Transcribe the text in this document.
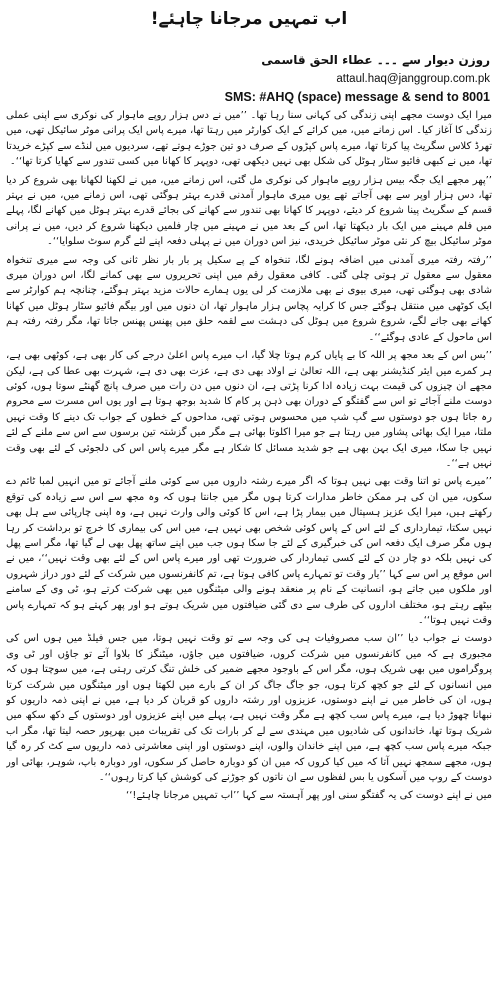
اب تمہیں مرجانا چاہئے!
روزن دیوار سے ۔۔۔ عطاء الحق قاسمی
attaul.haq@janggroup.com.pk
SMS: #AHQ (space) message & send to 8001

میرا ایک دوست مجھے اپنی زندگی کی کہانی سنا رہا تھا۔ ’’میں نے دس ہزار روپے ماہوار کی نوکری سے اپنی عملی زندگی کا آغاز کیا۔ اس زمانے میں، میں کرائے کے ایک کوارٹر میں رہتا تھا، میرے پاس ایک پرانی موٹر سائیکل تھی، میں تھرڈ کلاس سگریٹ پیا کرتا تھا، میرے پاس کپڑوں کے صرف دو تین جوڑے ہوتے تھے، سردیوں میں لنڈے سے کپڑے خریدتا تھا، میں نے کبھی فائیو سٹار ہوٹل کی شکل بھی نہیں دیکھی تھی، دوپہر کا کھانا میں کسی تندور سے کھایا کرتا تھا‘‘۔

’’پھر مجھے ایک جگہ بیس ہزار روپے ماہوار کی نوکری مل گئی، اس زمانے میں، میں نے لکھنا لکھانا بھی شروع کر دیا تھا، دس ہزار اوپر سے بھی آجاتے تھے یوں میری ماہوار آمدنی قدرے بہتر ہوگئی تھی، اس زمانے میں، میں نے بہتر قسم کے سگریٹ پینا شروع کر دیئے، دوپہر کا کھانا بھی تندور سے کھانے کی بجائے قدرے بہتر ہوٹل میں کھانے لگا، پہلے میں فلم مہینے میں ایک بار دیکھتا تھا، اس کے بعد میں نے مہینے میں چار فلمیں دیکھنا شروع کر دیں، میں نے پرانی موٹر سائیکل بیچ کر نئی موٹر سائیکل خریدی، نیز اس دوران میں نے پہلی دفعہ اپنے لئے گرم سوٹ سلوایا‘‘۔

’’رفتہ رفتہ میری آمدنی میں اضافہ ہونے لگا، تنخواہ کے پے سکیل پر بار بار نظر ثانی کی وجہ سے میری تنخواہ معقول سے معقول تر ہوتی چلی گئی۔ کافی معقول رقم میں اپنی تحریروں سے بھی کمانے لگا، اس دوران میری شادی بھی ہوگئی تھی، میری بیوی نے بھی ملازمت کر لی یوں ہمارے حالات مزید بہتر ہوگئے، چنانچہ ہم کوارٹر سے ایک کوٹھی میں منتقل ہوگئے جس کا کرایہ پچاس ہزار ماہوار تھا، ان دنوں میں اور بیگم فائیو سٹار ہوٹل میں کھانا کھانے بھی جانے لگے، شروع شروع میں ہوٹل کی دہشت سے لقمہ حلق میں پھنس پھنس جاتا تھا، مگر رفتہ رفتہ ہم اس ماحول کے عادی ہوگئے‘‘۔

’’بس اس کے بعد مجھ پر اللہ کا بے پایاں کرم ہوتا چلا گیا، اب میرے پاس اعلیٰ درجے کی کار بھی ہے، کوٹھی بھی ہے، ہر کمرے میں ایئر کنڈیشنر بھی ہے، اللہ تعالیٰ نے اولاد بھی دی ہے، عزت بھی دی ہے، شہرت بھی عطا کی ہے، لیکن مجھے ان چیزوں کی قیمت بہت زیادہ ادا کرنا پڑتی ہے، ان دنوں میں دن رات میں صرف پانچ گھنٹے سوتا ہوں، کوئی دوست ملنے آجائے تو اس سے گفتگو کے دوران بھی ذہن پر کام کا شدید بوجھ ہوتا ہے اور یوں اس مسرت سے محروم رہ جاتا ہوں جو دوستوں سے گپ شپ میں محسوس ہوتی تھی، مداحوں کے خطوں کے جواب تک دینے کا وقت نہیں ملتا، میرا ایک بھائی پشاور میں رہتا ہے جو میرا اکلوتا بھائی ہے مگر میں گزشتہ تین برسوں سے اس سے ملنے کے لئے نہیں جا سکا، میری ایک بہن بھی ہے جو شدید مسائل کا شکار ہے مگر میرے پاس اس کی دلجوئی کے لئے بھی وقت نہیں ہے‘‘۔

’’میرے پاس تو اتنا وقت بھی نہیں ہوتا کہ اگر میرے رشتہ داروں میں سے کوئی ملنے آجائے تو میں انہیں لمبا ٹائم دے سکوں، میں ان کی ہر ممکن خاطر مدارات کرتا ہوں مگر میں جانتا ہوں کہ وہ مجھ سے اس سے زیادہ کی توقع رکھتے ہیں، میرا ایک عزیز ہسپتال میں بیمار پڑا ہے، اس کا کوئی والی وارث نہیں ہے، وہ اپنی چارپائی سے ہل بھی نہیں سکتا، تیمارداری کے لئے اس کے پاس کوئی شخص بھی نہیں ہے، میں اس کی بیماری کا خرچ تو برداشت کر رہا ہوں مگر صرف ایک دفعہ اس کی خبرگیری کے لئے جا سکا ہوں جب میں اپنے ساتھ پھل بھی لے گیا تھا، مگر اسے پھل کی نہیں بلکہ دو چار دن کے لئے کسی تیماردار کی ضرورت تھی اور میرے پاس اس کے لئے بھی وقت نہیں‘‘، میں نے اس موقع پر اس سے کہا ’’یار وقت تو تمہارے پاس کافی ہوتا ہے، تم کانفرنسوں میں شرکت کے لئے دور دراز شہروں اور ملکوں میں جاتے ہو، انسانیت کے نام پر منعقد ہونے والی میٹنگوں میں بھی شرکت کرتے ہو، ٹی وی کے سامنے بیٹھے رہتے ہو، مختلف اداروں کی طرف سے دی گئی ضیافتوں میں شریک ہوتے ہو اور پھر کہتے ہو کہ تمہارے پاس وقت نہیں ہوتا‘‘۔

دوست نے جواب دیا ’’ان سب مصروفیات ہی کی وجہ سے تو وقت نہیں ہوتا، میں جس فیلڈ میں ہوں اس کی مجبوری ہے کہ میں کانفرنسوں میں شرکت کروں، ضیافتوں میں جاؤں، میٹنگز کا بلاوا آئے تو جاؤں اور ٹی وی پروگراموں میں بھی شریک ہوں، مگر اس کے باوجود مجھے ضمیر کی خلش تنگ کرتی رہتی ہے، میں سوچتا ہوں کہ میں انسانوں کے لئے جو کچھ کرتا ہوں، جو جاگ جاگ کر ان کے بارے میں لکھتا ہوں اور میٹنگوں میں شرکت کرتا ہوں، ان کی خاطر میں نے اپنے دوستوں، عزیزوں اور رشتہ داروں کو قربان کر دیا ہے، میں نے اپنی ذمہ داریوں کو نبھانا چھوڑ دیا ہے، میرے پاس سب کچھ ہے مگر وقت نہیں ہے، پہلے میں اپنے عزیزوں اور دوستوں کے دکھ سکھ میں شریک ہوتا تھا، خاندانوں کی شادیوں میں مہندی سے لے کر بارات تک کی تقریبات میں بھرپور حصہ لیتا تھا، مگر اب جبکہ میرے پاس سب کچھ ہے، میں اپنے خاندان والوں، اپنے دوستوں اور اپنی معاشرتی ذمہ داریوں سے کٹ کر رہ گیا ہوں، مجھے سمجھ نہیں آتا کہ میں کیا کروں کہ میں ان کو دوبارہ حاصل کر سکوں، اور دوبارہ باپ، شوہر، بھائی اور دوست کے روپ میں آسکوں یا بس لفظوں سے ان ناتوں کو جوڑنے کی کوشش کیا کرتا رہوں‘‘۔

میں نے اپنے دوست کی یہ گفتگو سنی اور پھر آہستہ سے کہا ’’اب تمہیں مرجانا چاہئے!‘‘
